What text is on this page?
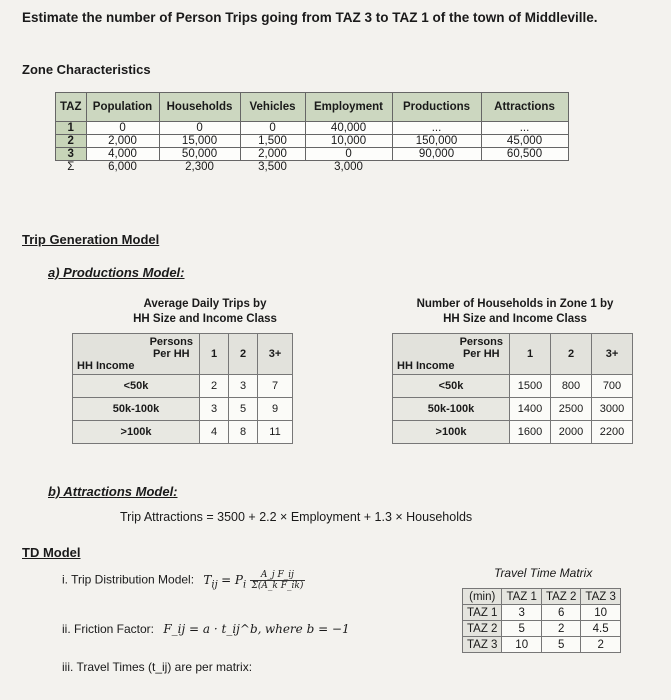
Estimate the number of Person Trips going from TAZ 3 to TAZ 1 of the town of Middleville.
Zone Characteristics
TAZ	Population	Households	Vehicles	Employment	Productions	Attractions
1	0	0	0	40,000	...	...
2	2,000	15,000	1,500	10,000	150,000	45,000
3	4,000	50,000	2,000	0	90,000	60,500
Σ	6,000	2,300	3,500	3,000		
Trip Generation Model
a) Productions Model:
Average Daily Trips by
HH Size and Income Class
Persons
Per HH
HH Income	1	2	3+
<50k	2	3	7
50k-100k	3	5	9
>100k	4	8	11
Number of Households in Zone 1 by
HH Size and Income Class
Persons
Per HH
HH Income	1	2	3+
<50k	1500	800	700
50k-100k	1400	2500	3000
>100k	1600	2000	2200
b) Attractions Model:
Trip Attractions = 3500 + 2.2 × Employment + 1.3 × Households
TD Model
i. Trip Distribution Model: $T_{ij} = P_i \frac{\text{A\_j F\_ij}}{\text{Σ(A\_k F\_ik)}}$
ii. Friction Factor: F_ij = a · t_ij^b, where b = −1
iii. Travel Times (t_ij) are per matrix:
Travel Time Matrix
(min)	TAZ 1	TAZ 2	TAZ 3
TAZ 1	3	6	10
TAZ 2	5	2	4.5
TAZ 3	10	5	2
